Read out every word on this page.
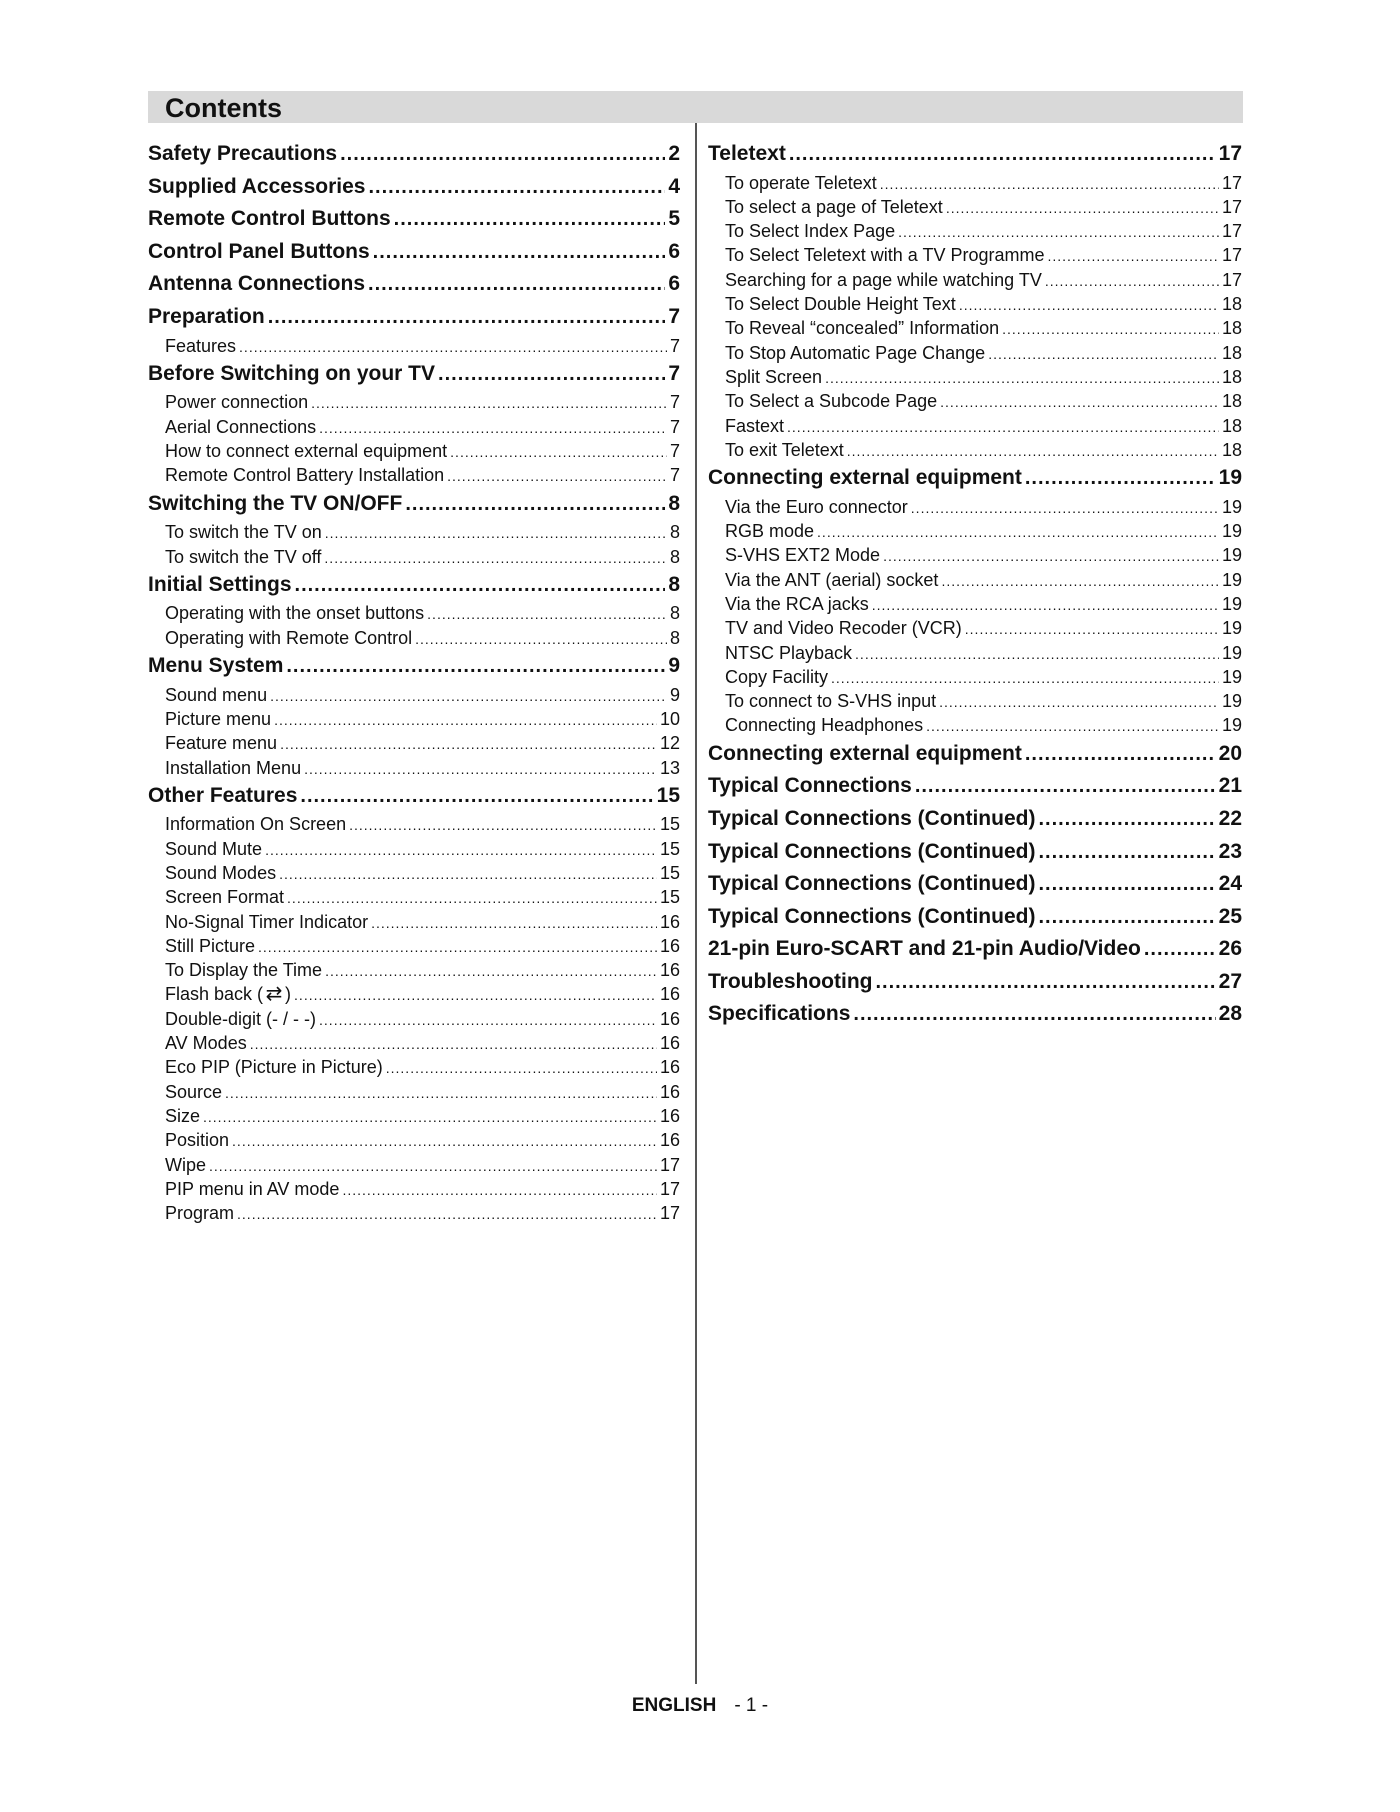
Contents
Safety Precautions .....	2
Supplied Accessories .....	4
Remote Control Buttons .....	5
Control Panel Buttons .....	6
Antenna Connections .....	6
Preparation .....	7
Features .....	7
Before Switching on your TV .....	7
Power connection .....	7
Aerial Connections .....	7
How to connect external equipment .....	7
Remote Control Battery Installation .....	7
Switching the TV ON/OFF .....	8
To switch the TV on .....	8
To switch the TV off .....	8
Initial Settings .....	8
Operating with the onset buttons .....	8
Operating with Remote Control .....	8
Menu System .....	9
Sound menu .....	9
Picture menu .....	10
Feature menu .....	12
Installation Menu .....	13
Other Features .....	15
Information On Screen .....	15
Sound Mute .....	15
Sound Modes .....	15
Screen Format .....	15
No-Signal Timer Indicator .....	16
Still Picture .....	16
To Display the Time .....	16
Flash back ( ⇄ ) .....	16
Double-digit (- / - -) .....	16
AV Modes .....	16
Eco PIP (Picture in Picture) .....	16
Source .....	16
Size .....	16
Position .....	16
Wipe .....	17
PIP menu in AV mode .....	17
Program .....	17
Teletext .....	17
To operate Teletext .....	17
To select a page of Teletext .....	17
To Select Index Page .....	17
To Select Teletext with a TV Programme .....	17
Searching for a page while watching TV .....	17
To Select Double Height Text .....	18
To Reveal “concealed” Information .....	18
To Stop Automatic Page Change .....	18
Split Screen .....	18
To Select a Subcode Page .....	18
Fastext .....	18
To exit Teletext .....	18
Connecting external equipment .....	19
Via the Euro connector .....	19
RGB mode .....	19
S-VHS EXT2 Mode .....	19
Via the ANT (aerial) socket .....	19
Via the RCA jacks .....	19
TV and Video Recoder (VCR) .....	19
NTSC Playback .....	19
Copy Facility .....	19
To connect to S-VHS input .....	19
Connecting Headphones .....	19
Connecting external equipment .....	20
Typical Connections .....	21
Typical Connections (Continued) .....	22
Typical Connections (Continued) .....	23
Typical Connections (Continued) .....	24
Typical Connections (Continued) .....	25
21-pin Euro-SCART and 21-pin Audio/Video .....	26
Troubleshooting .....	27
Specifications .....	28
ENGLISH - 1 -
